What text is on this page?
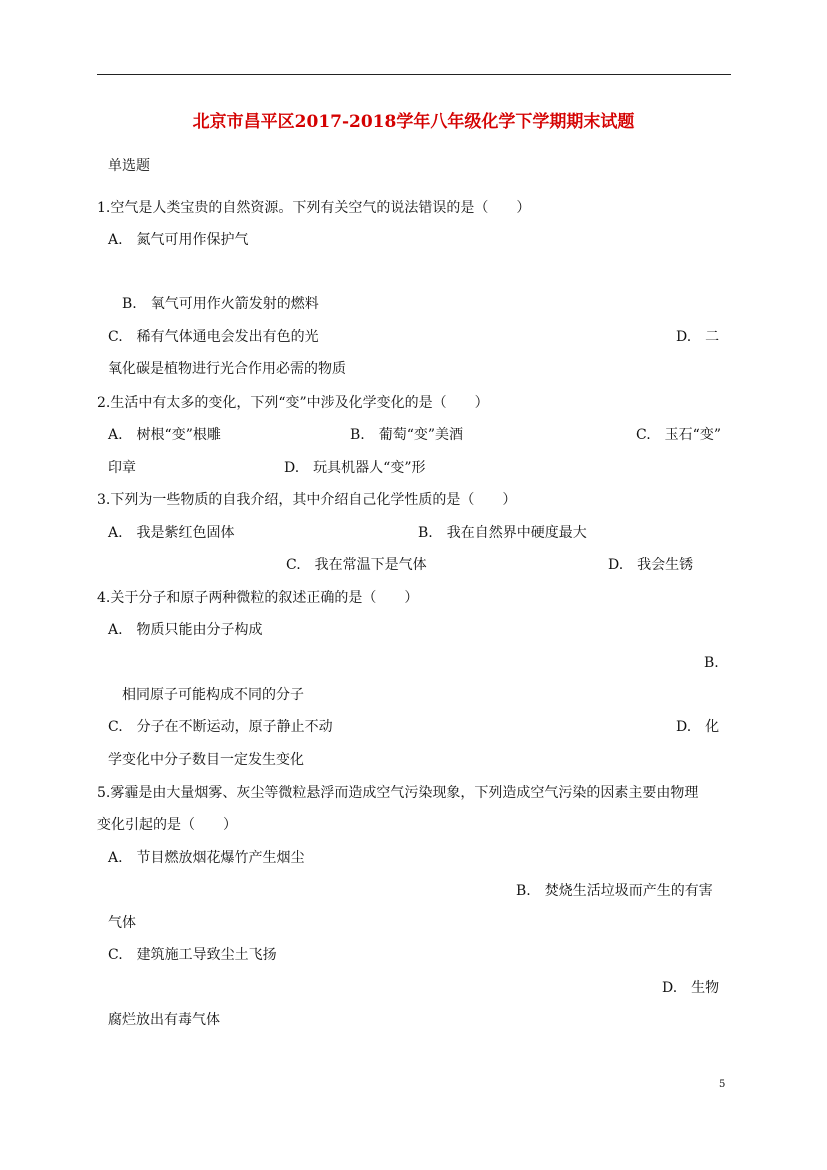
北京市昌平区2017-2018学年八年级化学下学期期末试题
单选题
1.空气是人类宝贵的自然资源。下列有关空气的说法错误的是（　　）
A.　氮气可用作保护气
B.　氧气可用作火箭发射的燃料
C.　稀有气体通电会发出有色的光	D.　二
氧化碳是植物进行光合作用必需的物质
2.生活中有太多的变化，下列“变”中涉及化学变化的是（　　）
A.　树根“变”根雕	B.　葡萄“变”美酒	C.　玉石“变”
印章	D.　玩具机器人“变”形
3.下列为一些物质的自我介绍，其中介绍自己化学性质的是（　　）
A.　我是紫红色固体	B.　我在自然界中硬度最大
C.　我在常温下是气体	D.　我会生锈
4.关于分子和原子两种微粒的叙述正确的是（　　）
A.　物质只能由分子构成
B.
相同原子可能构成不同的分子
C.　分子在不断运动，原子静止不动	D.　化
学变化中分子数目一定发生变化
5.雾霾是由大量烟雾、灰尘等微粒悬浮而造成空气污染现象，下列造成空气污染的因素主要由物理
变化引起的是（　　）
A.　节目燃放烟花爆竹产生烟尘
B.　焚烧生活垃圾而产生的有害
气体
C.　建筑施工导致尘土飞扬
D.　生物
腐烂放出有毒气体
5
